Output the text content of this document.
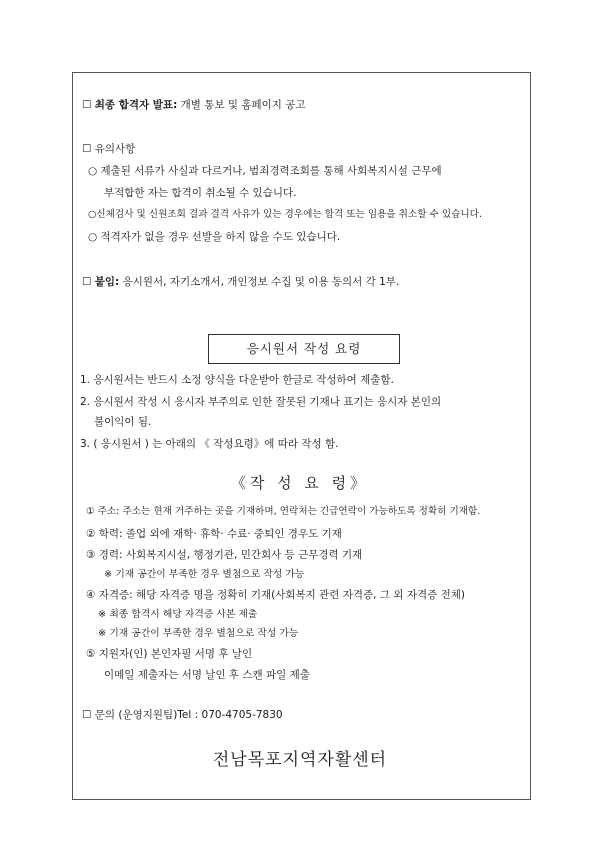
☐ 최종 합격자 발표: 개별 통보 및 홈페이지 공고
☐ 유의사항
○ 제출된 서류가 사실과 다르거나, 범죄경력조회를 통해 사회복지시설 근무에
부적합한 자는 합격이 취소될 수 있습니다.
○신체검사 및 신원조회 결과 결격 사유가 있는 경우에는 합격 또는 임용을 취소할 수 있습니다.
○ 적격자가 없을 경우 선발을 하지 않을 수도 있습니다.
☐ 붙임: 응시원서, 자기소개서, 개인정보 수집 및 이용 동의서 각 1부.
응시원서 작성 요령
1. 응시원서는 반드시 소정 양식을 다운받아 한글로 작성하여 제출함.
2. 응시원서 작성 시 응시자 부주의로 인한 잘못된 기재나 표기는 응시자 본인의
불이익이 됨.
3. ( 응시원서 ) 는 아래의 《 작성요령》에 따라 작성 함.
《작 성 요 령》
① 주소: 주소는 현재 거주하는 곳을 기재하며, 연락처는 긴급연락이 가능하도록 정확히 기재함.
② 학력: 졸업 외에 재학· 휴학· 수료· 중퇴인 경우도 기재
③ 경력: 사회복지시설, 행정기관, 민간회사 등 근무경력 기재
※ 기재 공간이 부족한 경우 별첨으로 작성 가능
④ 자격증: 해당 자격증 명을 정확히 기재(사회복지 관련 자격증, 그 외 자격증 전체)
※ 최종 합격시 해당 자격증 사본 제출
※ 기재 공간이 부족한 경우 별첨으로 작성 가능
⑤ 지원자(인) 본인자필 서명 후 날인
이메일 제출자는 서명 날인 후 스캔 파일 제출
☐ 문의 (운영지원팀)Tel : 070-4705-7830
전남목포지역자활센터
